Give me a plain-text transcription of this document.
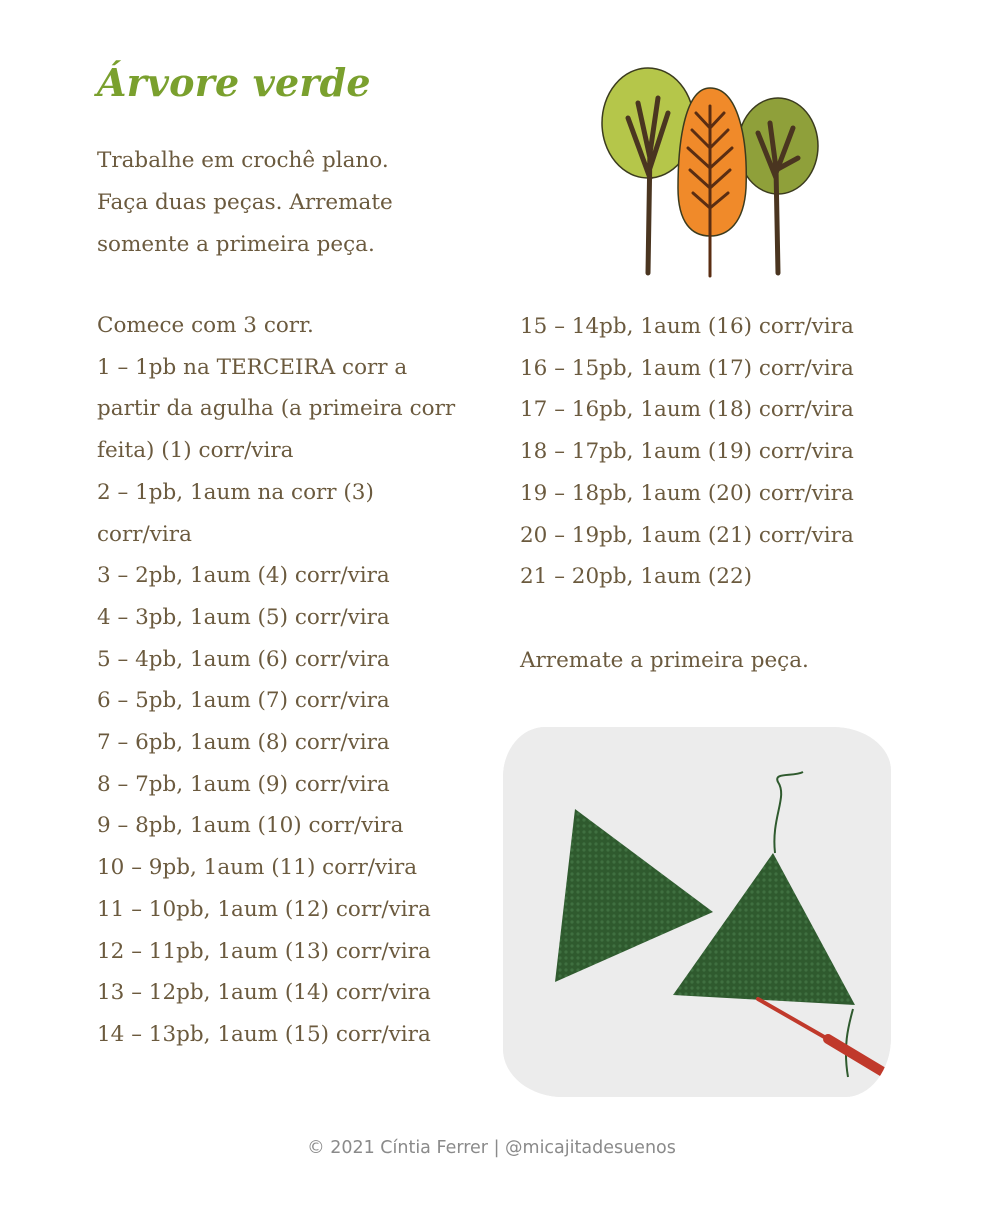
Árvore verde

Trabalhe em crochê plano.

Faça duas peças. Arremate

somente a primeira peça.

Comece com 3 corr.
1 – 1pb na TERCEIRA corr a partir da agulha (a primeira corr feita) (1) corr/vira
2 – 1pb, 1aum na corr (3) corr/vira
3 – 2pb, 1aum (4) corr/vira
4 – 3pb, 1aum (5) corr/vira
5 – 4pb, 1aum (6) corr/vira
6 – 5pb, 1aum (7) corr/vira
7 – 6pb, 1aum (8) corr/vira
8 – 7pb, 1aum (9) corr/vira
9 – 8pb, 1aum (10) corr/vira
10 – 9pb, 1aum (11) corr/vira
11 – 10pb, 1aum (12) corr/vira
12 – 11pb, 1aum (13) corr/vira
13 – 12pb, 1aum (14) corr/vira
14 – 13pb, 1aum (15) corr/vira
15 – 14pb, 1aum (16) corr/vira
16 – 15pb, 1aum (17) corr/vira
17 – 16pb, 1aum (18) corr/vira
18 – 17pb, 1aum (19) corr/vira
19 – 18pb, 1aum (20) corr/vira
20 – 19pb, 1aum (21) corr/vira
21 – 20pb, 1aum (22)

Arremate a primeira peça.

© 2021 Cíntia Ferrer | @micajitadesuenos
